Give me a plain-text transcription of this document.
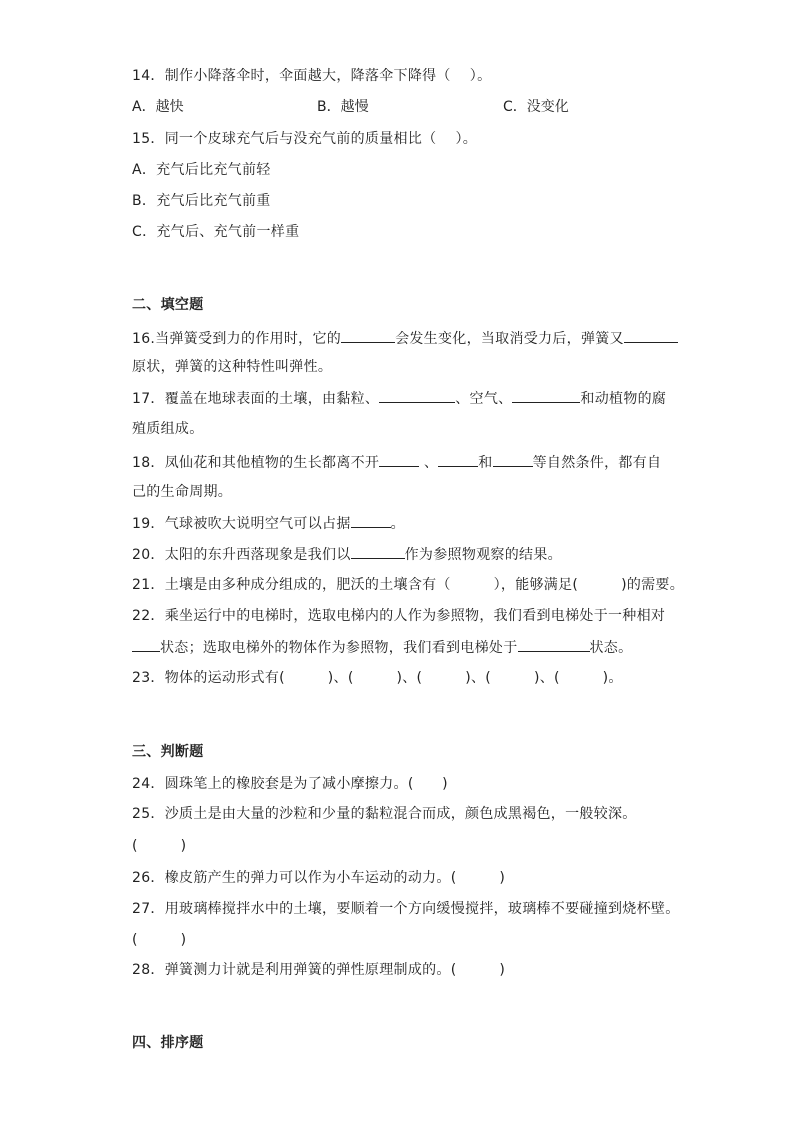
14．制作小降落伞时，伞面越大，降落伞下降得（　 ）。
A．越快	B．越慢	C．没变化
15．同一个皮球充气后与没充气前的质量相比（　 ）。
A．充气后比充气前轻
B．充气后比充气前重
C．充气后、充气前一样重
二、填空题
16.当弹簧受到力的作用时，它的	会发生变化，当取消受力后，弹簧又
原状，弹簧的这种特性叫弹性。
17．覆盖在地球表面的土壤，由黏粒、	、空气、	和动植物的腐
殖质组成。
18．凤仙花和其他植物的生长都离不开	、	和	等自然条件，都有自
己的生命周期。
19．气球被吹大说明空气可以占据	。
20．太阳的东升西落现象是我们以	作为参照物观察的结果。
21．土壤是由多种成分组成的，肥沃的土壤含有（　　　），能够满足(　　　)的需要。
22．乘坐运行中的电梯时，选取电梯内的人作为参照物，我们看到电梯处于一种相对
状态；选取电梯外的物体作为参照物，我们看到电梯处于	状态。
23．物体的运动形式有(　　　)、(　　　)、(　　　)、(　　　)、(　　　)。
三、判断题
24．圆珠笔上的橡胶套是为了减小摩擦力。(　　)
25．沙质土是由大量的沙粒和少量的黏粒混合而成，颜色成黑褐色，一般较深。
(　　　)
26．橡皮筋产生的弹力可以作为小车运动的动力。(　　　)
27．用玻璃棒搅拌水中的土壤，要顺着一个方向缓慢搅拌，玻璃棒不要碰撞到烧杯壁。
(　　　)
28．弹簧测力计就是利用弹簧的弹性原理制成的。(　　　)
四、排序题
